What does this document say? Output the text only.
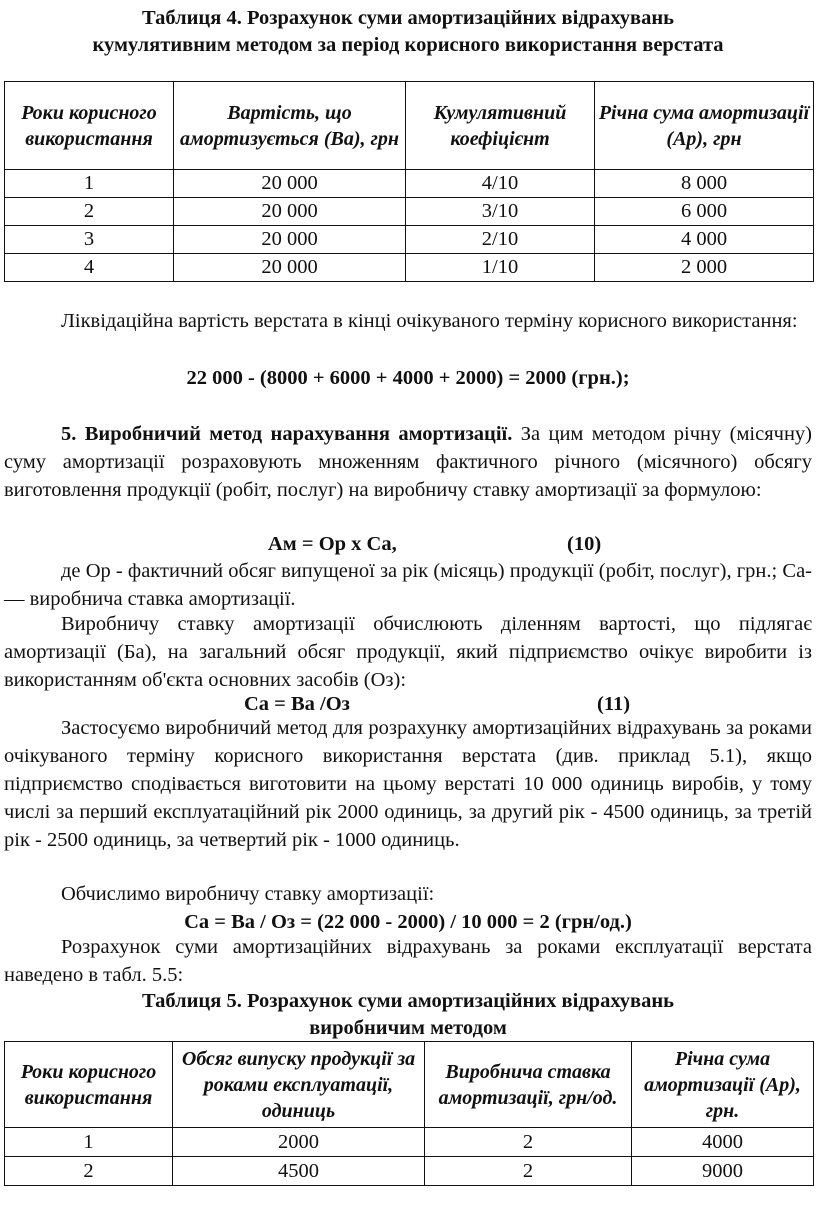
Таблиця 4. Розрахунок суми амортизаційних відрахувань
кумулятивним методом за період корисного використання верстата
Роки корисного використання	Вартість, що амортизується (Ва), грн	Кумулятивний коефіцієнт	Річна сума амортизації (Ар), грн
1	20 000	4/10	8 000
2	20 000	3/10	6 000
3	20 000	2/10	4 000
4	20 000	1/10	2 000
Ліквідаційна вартість верстата в кінці очікуваного терміну корисного використання:
22 000 - (8000 + 6000 + 4000 + 2000) = 2000 (грн.);
5. Виробничий метод нарахування амортизації. За цим методом річну (місячну) суму амортизації розраховують множенням фактичного річного (місячного) обсягу виготовлення продукції (робіт, послуг) на виробничу ставку амортизації за формулою:
Ам = Ор х Са,	(10)
де Ор - фактичний обсяг випущеної за рік (місяць) продукції (робіт, послуг), грн.; Са-— виробнича ставка амортизації.
Виробничу ставку амортизації обчислюють діленням вартості, що підлягає амортизації (Ба), на загальний обсяг продукції, який підприємство очікує виробити із використанням об'єкта основних засобів (Оз):
Са = Ва /Оз	(11)
Застосуємо виробничий метод для розрахунку амортизаційних відрахувань за роками очікуваного терміну корисного використання верстата (див. приклад 5.1), якщо підприємство сподівається виготовити на цьому верстаті 10 000 одиниць виробів, у тому числі за перший експлуатаційний рік 2000 одиниць, за другий рік - 4500 одиниць, за третій рік - 2500 одиниць, за четвертий рік - 1000 одиниць.
Обчислимо виробничу ставку амортизації:
Са = Ва / Оз = (22 000 - 2000) / 10 000 = 2 (грн/од.)
Розрахунок суми амортизаційних відрахувань за роками експлуатації верстата наведено в табл. 5.5:
Таблиця 5. Розрахунок суми амортизаційних відрахувань
виробничим методом
Роки корисного використання	Обсяг випуску продукції за роками експлуатації, одиниць	Виробнича ставка амортизації, грн/од.	Річна сума амортизації (Ар), грн.
1	2000	2	4000
2	4500	2	9000
